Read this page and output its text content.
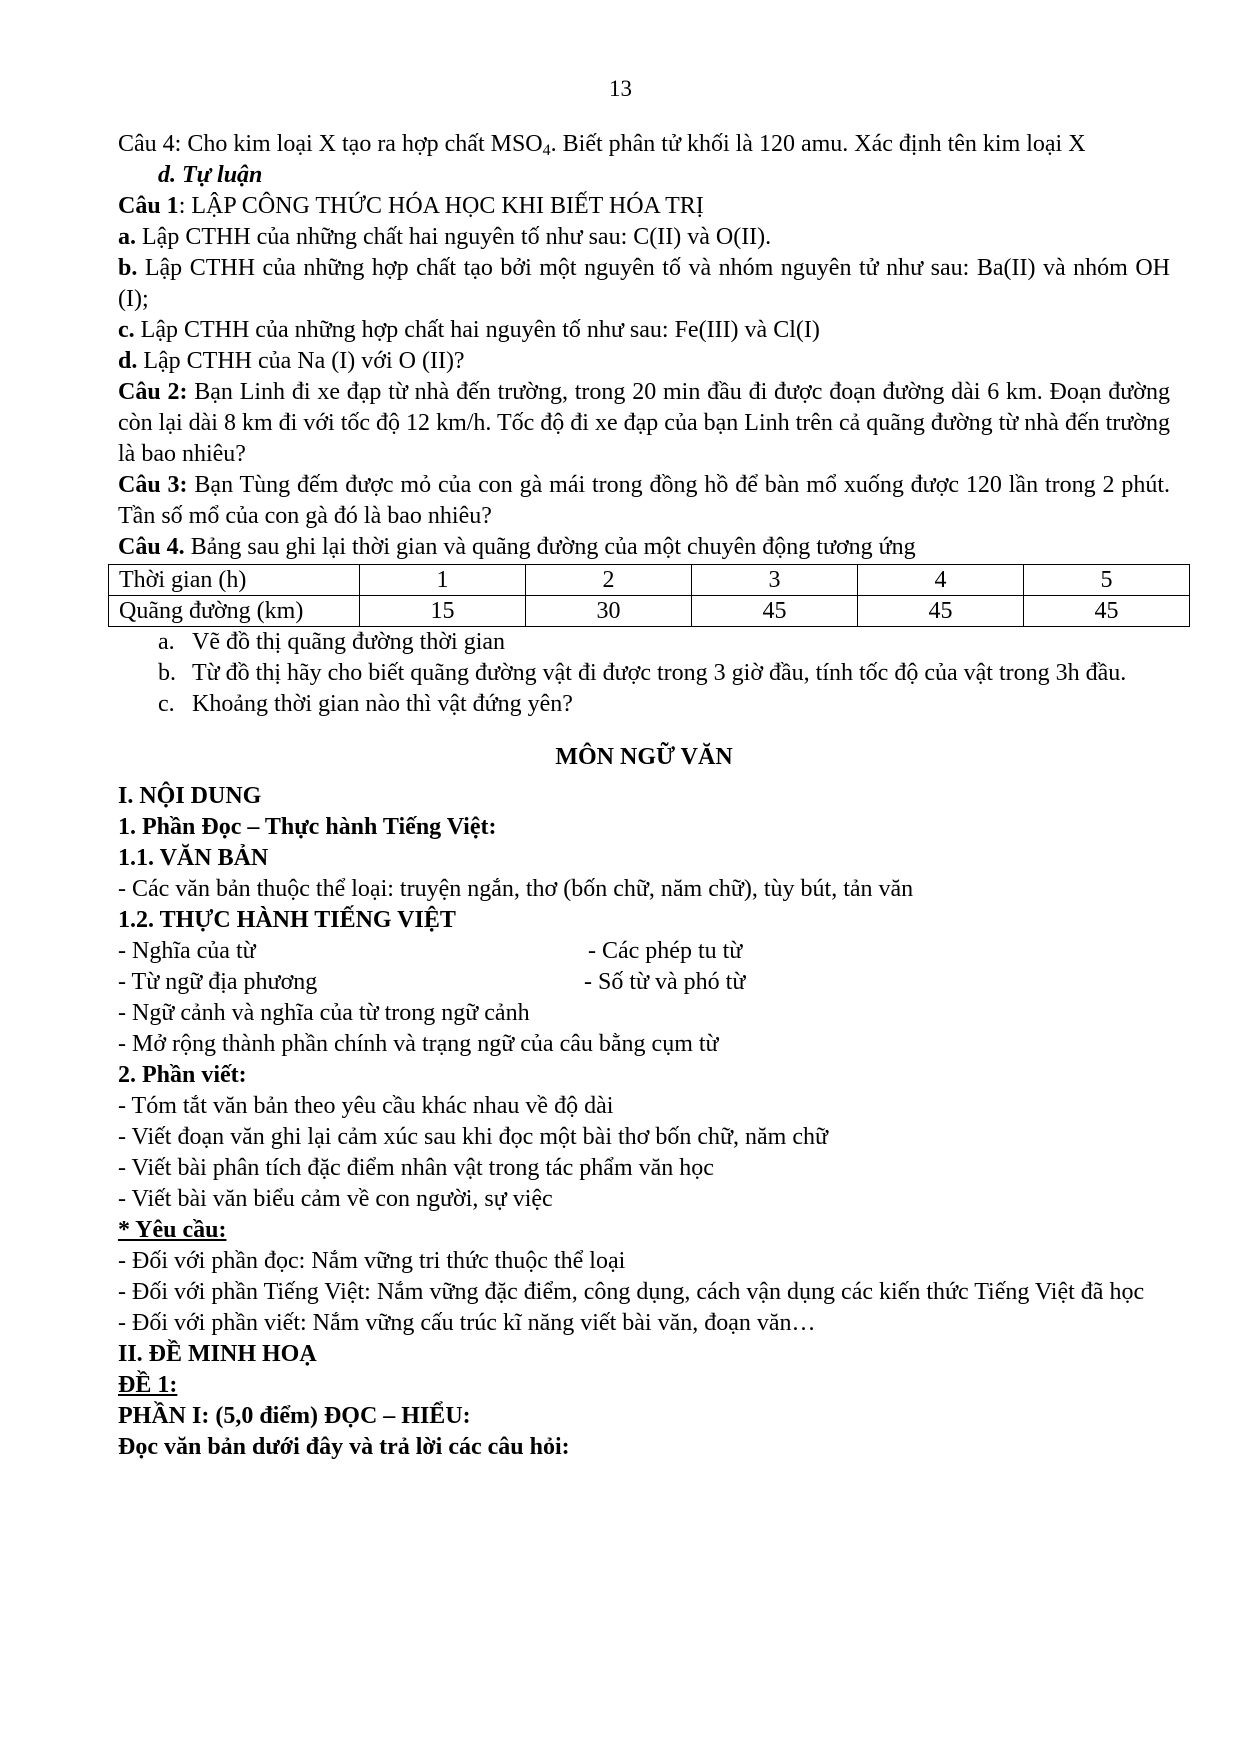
13

Câu 4: Cho kim loại X tạo ra hợp chất $MSO_4$. Biết phân tử khối là 120 amu. Xác định tên kim loại X

d. Tự luận

Câu 1: LẬP CÔNG THỨC HÓA HỌC KHI BIẾT HÓA TRỊ

a. Lập CTHH của những chất hai nguyên tố như sau: C(II) và O(II).

b. Lập CTHH của những hợp chất tạo bởi một nguyên tố và nhóm nguyên tử như sau: Ba(II) và nhóm OH (I);

c. Lập CTHH của những hợp chất hai nguyên tố như sau: Fe(III) và Cl(I)

d. Lập CTHH của Na (I) với O (II)?

Câu 2: Bạn Linh đi xe đạp từ nhà đến trường, trong 20 min đầu đi được đoạn đường dài 6 km. Đoạn đường còn lại dài 8 km đi với tốc độ 12 km/h. Tốc độ đi xe đạp của bạn Linh trên cả quãng đường từ nhà đến trường là bao nhiêu?

Câu 3: Bạn Tùng đếm được mỏ của con gà mái trong đồng hồ để bàn mổ xuống được 120 lần trong 2 phút. Tần số mổ của con gà đó là bao nhiêu?

Câu 4. Bảng sau ghi lại thời gian và quãng đường của một chuyên động tương ứng

Thời gian (h)	1	2	3	4	5
Quãng đường (km)	15	30	45	45	45
a. Vẽ đồ thị quãng đường thời gian
b. Từ đồ thị hãy cho biết quãng đường vật đi được trong 3 giờ đầu, tính tốc độ của vật trong 3h đầu.
c. Khoảng thời gian nào thì vật đứng yên?

MÔN NGỮ VĂN

I. NỘI DUNG

1. Phần Đọc – Thực hành Tiếng Việt:

1.1. VĂN BẢN

- Các văn bản thuộc thể loại: truyện ngắn, thơ (bốn chữ, năm chữ), tùy bút, tản văn

1.2. THỰC HÀNH TIẾNG VIỆT

- Nghĩa của từ	- Các phép tu từ
- Từ ngữ địa phương	- Số từ và phó từ

- Ngữ cảnh và nghĩa của từ trong ngữ cảnh

- Mở rộng thành phần chính và trạng ngữ của câu bằng cụm từ

2. Phần viết:

- Tóm tắt văn bản theo yêu cầu khác nhau về độ dài

- Viết đoạn văn ghi lại cảm xúc sau khi đọc một bài thơ bốn chữ, năm chữ

- Viết bài phân tích đặc điểm nhân vật trong tác phẩm văn học

- Viết bài văn biểu cảm về con người, sự việc

* Yêu cầu:

- Đối với phần đọc: Nắm vững tri thức thuộc thể loại

- Đối với phần Tiếng Việt: Nắm vững đặc điểm, công dụng, cách vận dụng các kiến thức Tiếng Việt đã học

- Đối với phần viết: Nắm vững cấu trúc kĩ năng viết bài văn, đoạn văn…

II. ĐỀ MINH HOẠ

ĐỀ 1:

PHẦN I: (5,0 điểm) ĐỌC – HIỂU:

Đọc văn bản dưới đây và trả lời các câu hỏi:
